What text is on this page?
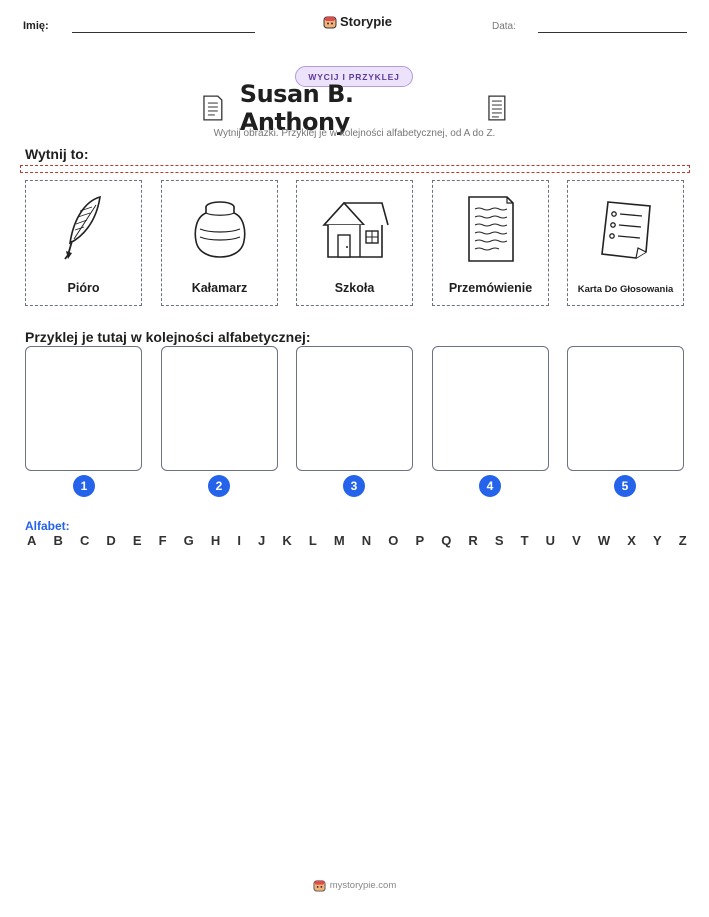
Imię:	Storypie	Data:
WYCIJ I PRZYKLEJ
Susan B. Anthony
Wytnij obrazki. Przyklej je w kolejności alfabetycznej, od A do Z.
Wytnij to:
Pióro	Kałamarz	Szkoła	Przemówienie	Karta Do Głosowania
Przyklej je tutaj w kolejności alfabetycznej:
1	2	3	4	5
Alfabet:
A B C D E F G H I J K L M N O P Q R S T U V W X Y Z
mystorypie.com
